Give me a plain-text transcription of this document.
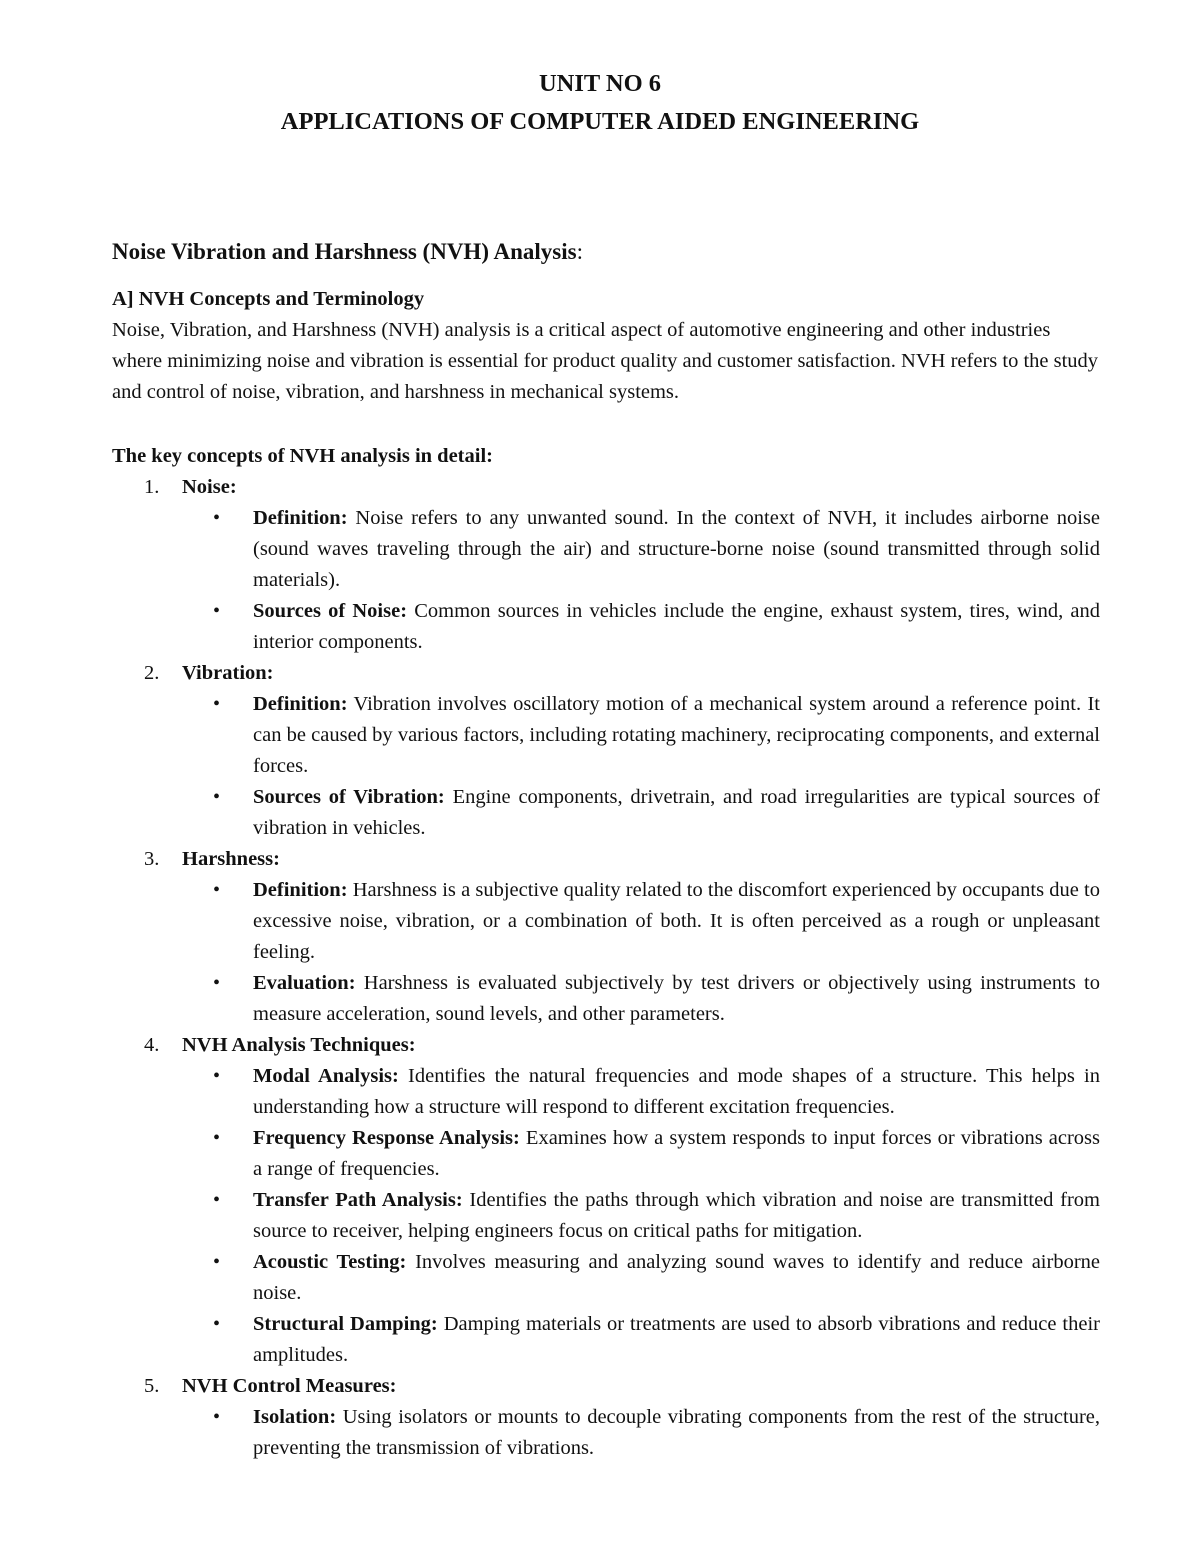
UNIT NO 6
APPLICATIONS OF COMPUTER AIDED ENGINEERING
Noise Vibration and Harshness (NVH) Analysis:

A] NVH Concepts and Terminology

Noise, Vibration, and Harshness (NVH) analysis is a critical aspect of automotive engineering and other industries where minimizing noise and vibration is essential for product quality and customer satisfaction. NVH refers to the study and control of noise, vibration, and harshness in mechanical systems.

The key concepts of NVH analysis in detail:

1. Noise:
•	Definition: Noise refers to any unwanted sound. In the context of NVH, it includes airborne noise (sound waves traveling through the air) and structure-borne noise (sound transmitted through solid materials).
•	Sources of Noise: Common sources in vehicles include the engine, exhaust system, tires, wind, and interior components.
2. Vibration:
•	Definition: Vibration involves oscillatory motion of a mechanical system around a reference point. It can be caused by various factors, including rotating machinery, reciprocating components, and external forces.
•	Sources of Vibration: Engine components, drivetrain, and road irregularities are typical sources of vibration in vehicles.
3. Harshness:
•	Definition: Harshness is a subjective quality related to the discomfort experienced by occupants due to excessive noise, vibration, or a combination of both. It is often perceived as a rough or unpleasant feeling.
•	Evaluation: Harshness is evaluated subjectively by test drivers or objectively using instruments to measure acceleration, sound levels, and other parameters.
4. NVH Analysis Techniques:
•	Modal Analysis: Identifies the natural frequencies and mode shapes of a structure. This helps in understanding how a structure will respond to different excitation frequencies.
•	Frequency Response Analysis: Examines how a system responds to input forces or vibrations across a range of frequencies.
•	Transfer Path Analysis: Identifies the paths through which vibration and noise are transmitted from source to receiver, helping engineers focus on critical paths for mitigation.
•	Acoustic Testing: Involves measuring and analyzing sound waves to identify and reduce airborne noise.
•	Structural Damping: Damping materials or treatments are used to absorb vibrations and reduce their amplitudes.
5. NVH Control Measures:
•	Isolation: Using isolators or mounts to decouple vibrating components from the rest of the structure, preventing the transmission of vibrations.
